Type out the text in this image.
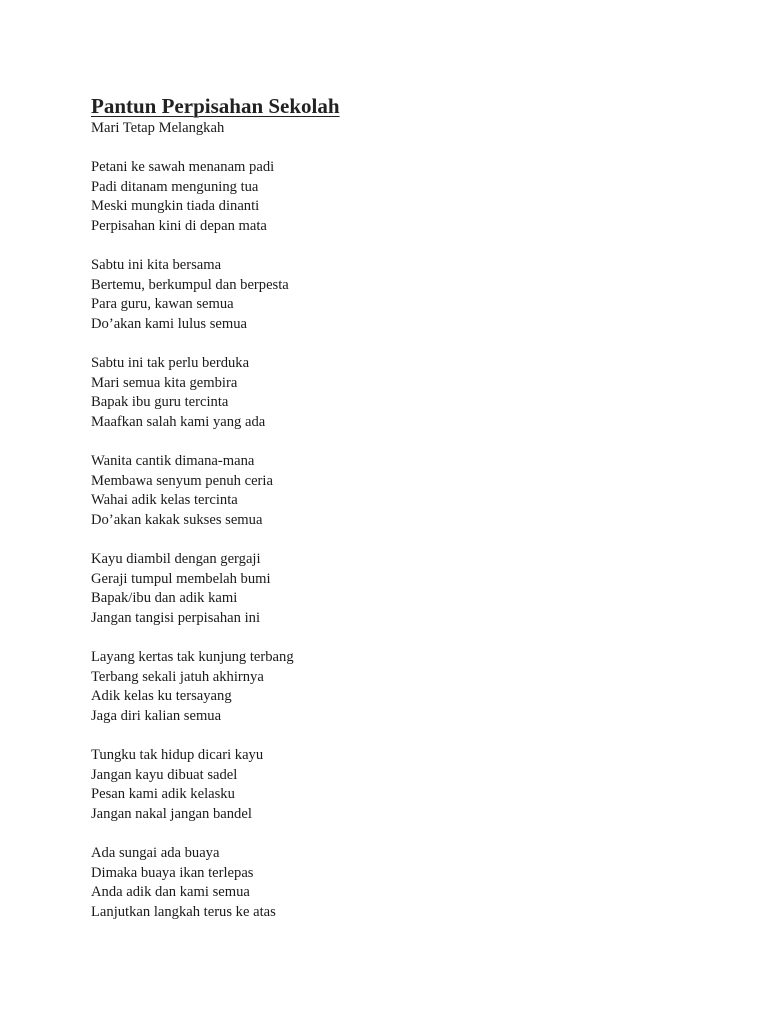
Pantun Perpisahan Sekolah
Mari Tetap Melangkah
Petani ke sawah menanam padi
Padi ditanam menguning tua
Meski mungkin tiada dinanti
Perpisahan kini di depan mata
Sabtu ini kita bersama
Bertemu, berkumpul dan berpesta
Para guru, kawan semua
Do’akan kami lulus semua
Sabtu ini tak perlu berduka
Mari semua kita gembira
Bapak ibu guru tercinta
Maafkan salah kami yang ada
Wanita cantik dimana-mana
Membawa senyum penuh ceria
Wahai adik kelas tercinta
Do’akan kakak sukses semua
Kayu diambil dengan gergaji
Geraji tumpul membelah bumi
Bapak/ibu dan adik kami
Jangan tangisi perpisahan ini
Layang kertas tak kunjung terbang
Terbang sekali jatuh akhirnya
Adik kelas ku tersayang
Jaga diri kalian semua
Tungku tak hidup dicari kayu
Jangan kayu dibuat sadel
Pesan kami adik kelasku
Jangan nakal jangan bandel
Ada sungai ada buaya
Dimaka buaya ikan terlepas
Anda adik dan kami semua
Lanjutkan langkah terus ke atas
